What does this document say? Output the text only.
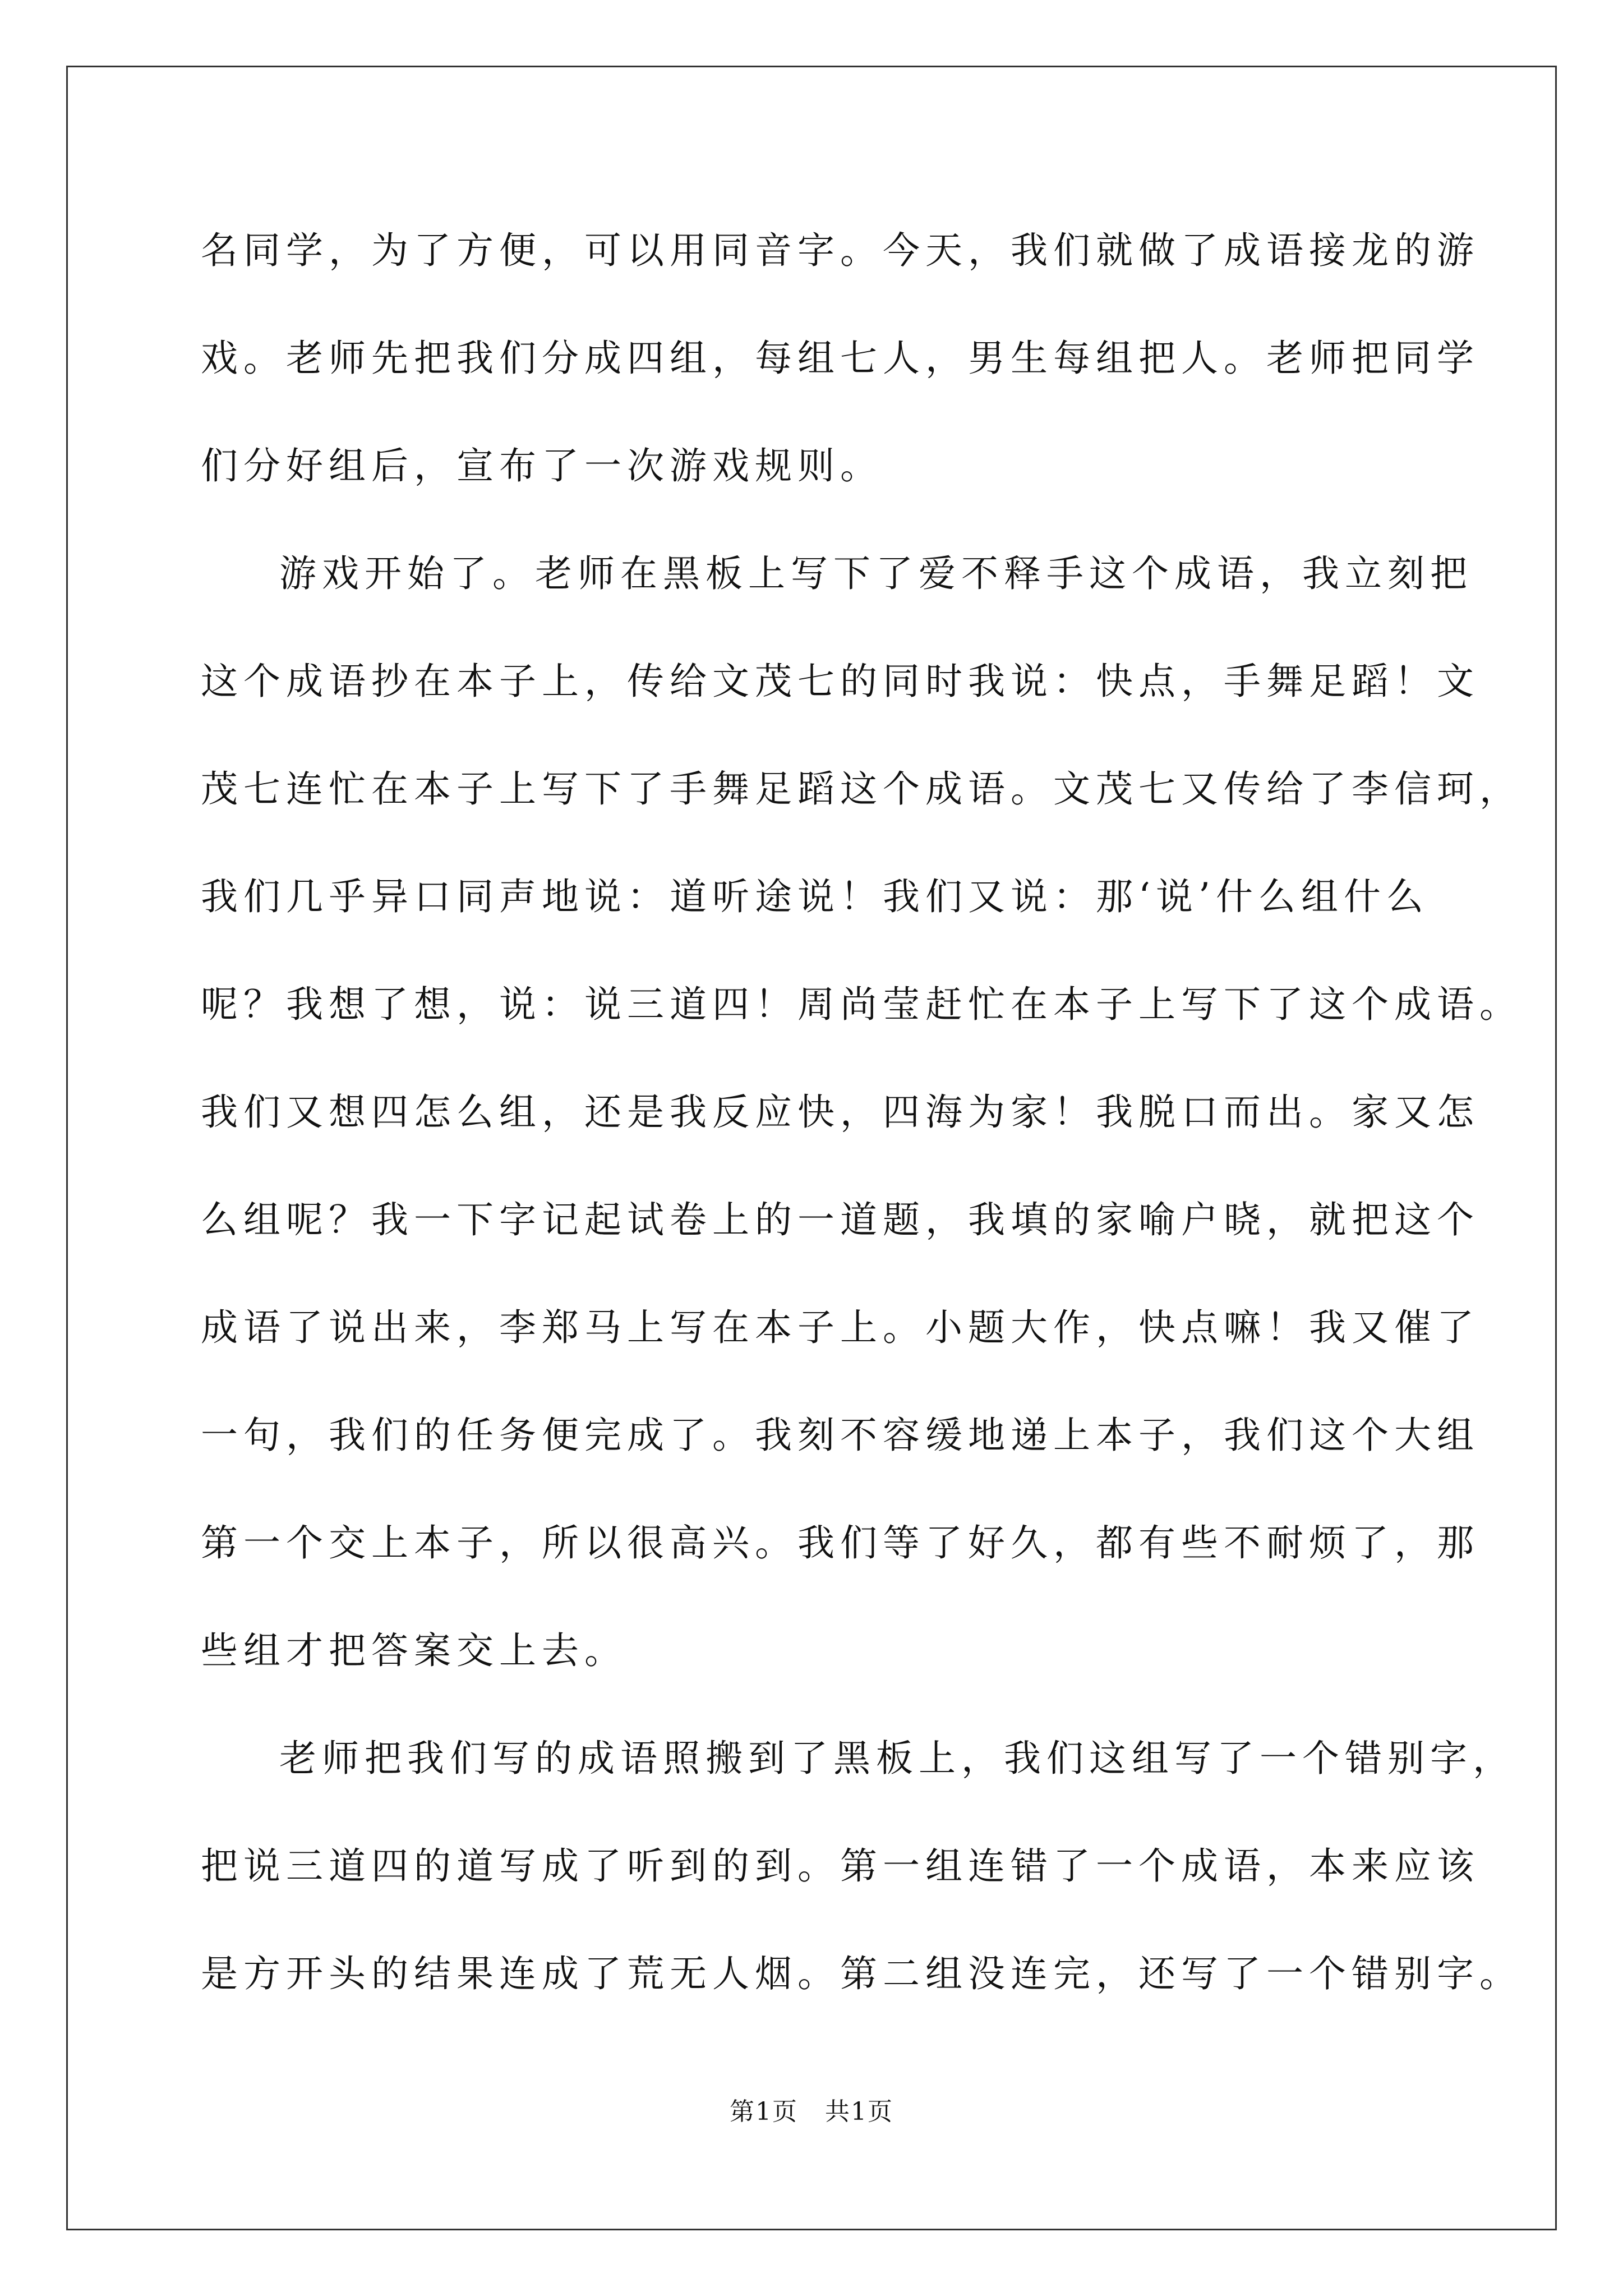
名同学，为了方便，可以用同音字。今天，我们就做了成语接龙的游
戏。老师先把我们分成四组，每组七人，男生每组把人。老师把同学
们分好组后，宣布了一次游戏规则。
游戏开始了。老师在黑板上写下了爱不释手这个成语，我立刻把
这个成语抄在本子上，传给文茂七的同时我说：快点，手舞足蹈！文
茂七连忙在本子上写下了手舞足蹈这个成语。文茂七又传给了李信珂，
我们几乎异口同声地说：道听途说！我们又说：那‘说’什么组什么
呢？我想了想，说：说三道四！周尚莹赶忙在本子上写下了这个成语。
我们又想四怎么组，还是我反应快，四海为家！我脱口而出。家又怎
么组呢？我一下字记起试卷上的一道题，我填的家喻户晓，就把这个
成语了说出来，李郑马上写在本子上。小题大作，快点嘛！我又催了
一句，我们的任务便完成了。我刻不容缓地递上本子，我们这个大组
第一个交上本子，所以很高兴。我们等了好久，都有些不耐烦了，那
些组才把答案交上去。
老师把我们写的成语照搬到了黑板上，我们这组写了一个错别字，
把说三道四的道写成了听到的到。第一组连错了一个成语，本来应该
是方开头的结果连成了荒无人烟。第二组没连完，还写了一个错别字。
第1页   共1页
